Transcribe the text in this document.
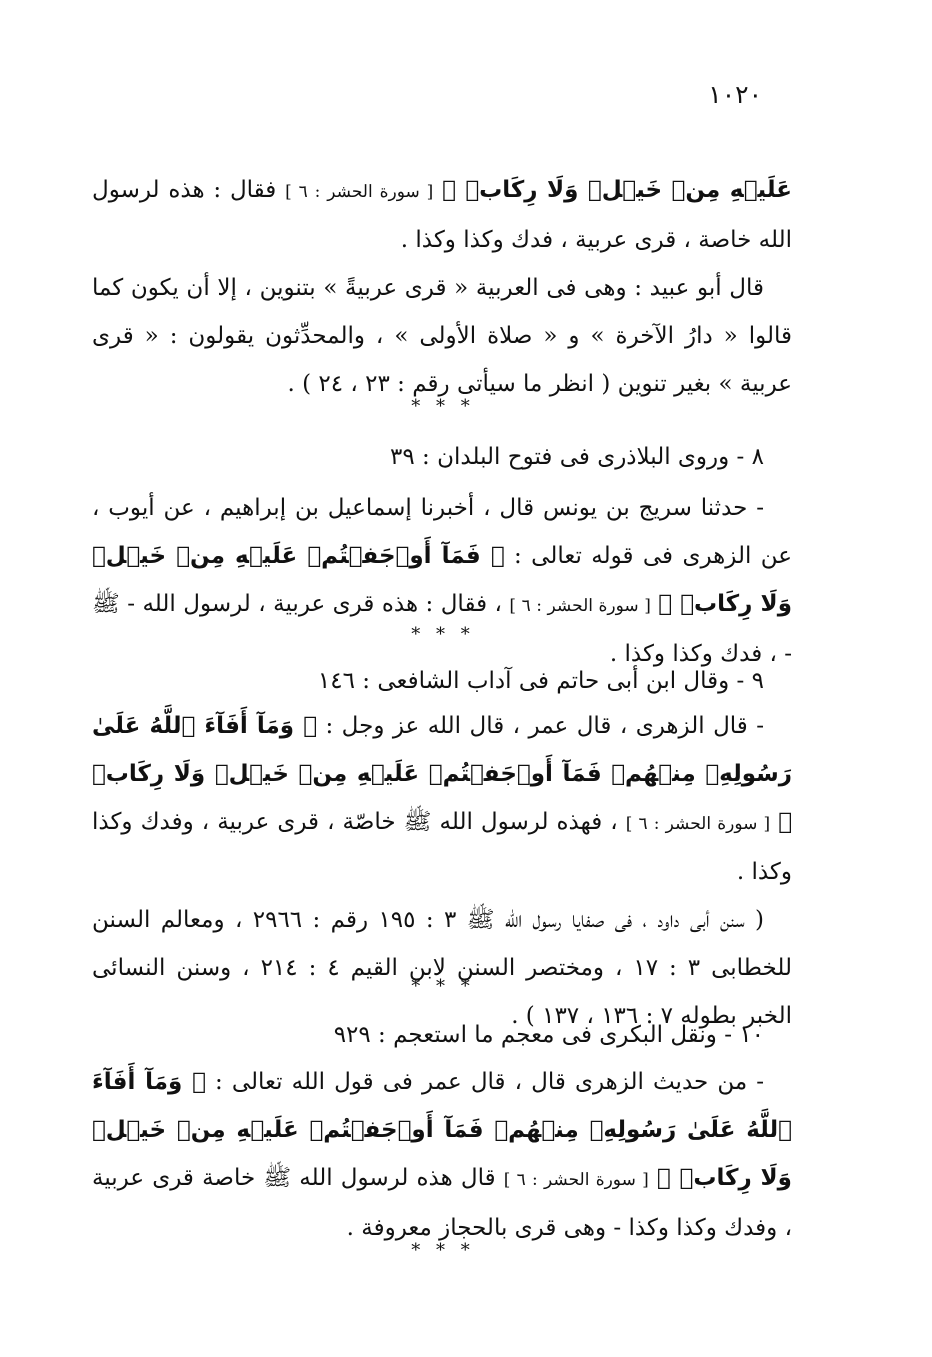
١٠٢٠

عَلَيۡهِ مِنۡ خَيۡلٖ وَلَا رِكَابٖ ﴾ [ سورة الحشر : ٦ ] فقال : هذه لرسول الله خاصة ، قرى عربية ، فدك وكذا وكذا .

قال أبو عبيد : وهى فى العربية « قرى عربيةً » بتنوين ، إلا أن يكون كما قالوا « دارُ الآخرة » و « صلاة الأولى » ، والمحدِّثون يقولون : « قرى عربية » بغير تنوين ( انظر ما سيأتى رقم : ٢٣ ، ٢٤ ) .

* * *
٨ - وروى البلاذرى فى فتوح البلدان : ٣٩

- حدثنا سريج بن يونس قال ، أخبرنا إسماعيل بن إبراهيم ، عن أيوب ، عن الزهرى فى قوله تعالى : ﴿ فَمَآ أَوۡجَفۡتُمۡ عَلَيۡهِ مِنۡ خَيۡلٖ وَلَا رِكَابٖ ﴾ [ سورة الحشر : ٦ ] ، فقال : هذه قرى عربية ، لرسول الله - ﷺ - ، فدك وكذا وكذا .

* * *
٩ - وقال ابن أبى حاتم فى آداب الشافعى : ١٤٦

- قال الزهرى ، قال عمر ، قال الله عز وجل : ﴿ وَمَآ أَفَآءَ ٱللَّهُ عَلَىٰ رَسُولِهِۦ مِنۡهُمۡ فَمَآ أَوۡجَفۡتُمۡ عَلَيۡهِ مِنۡ خَيۡلٖ وَلَا رِكَابٖ ﴾ [ سورة الحشر : ٦ ] ، فهذه لرسول الله ﷺ خاصّة ، قرى عربية ، وفدك وكذا وكذا .

( سنن أبى داود ، فى صفايا رسول الله ﷺ ٣ : ١٩٥ رقم : ٢٩٦٦ ، ومعالم السنن للخطابى ٣ : ١٧ ، ومختصر السنن لابن القيم ٤ : ٢١٤ ، وسنن النسائى الخبر بطوله ٧ : ١٣٦ ، ١٣٧ ) .

* * *
١٠ - ونقل البكرى فى معجم ما استعجم : ٩٢٩

- من حديث الزهرى قال ، قال عمر فى قول الله تعالى : ﴿ وَمَآ أَفَآءَ ٱللَّهُ عَلَىٰ رَسُولِهِۦ مِنۡهُمۡ فَمَآ أَوۡجَفۡتُمۡ عَلَيۡهِ مِنۡ خَيۡلٖ وَلَا رِكَابٖ ﴾ [ سورة الحشر : ٦ ] قال هذه لرسول الله ﷺ خاصة قرى عربية ، وفدك وكذا وكذا - وهى قرى بالحجاز معروفة .

* * *
